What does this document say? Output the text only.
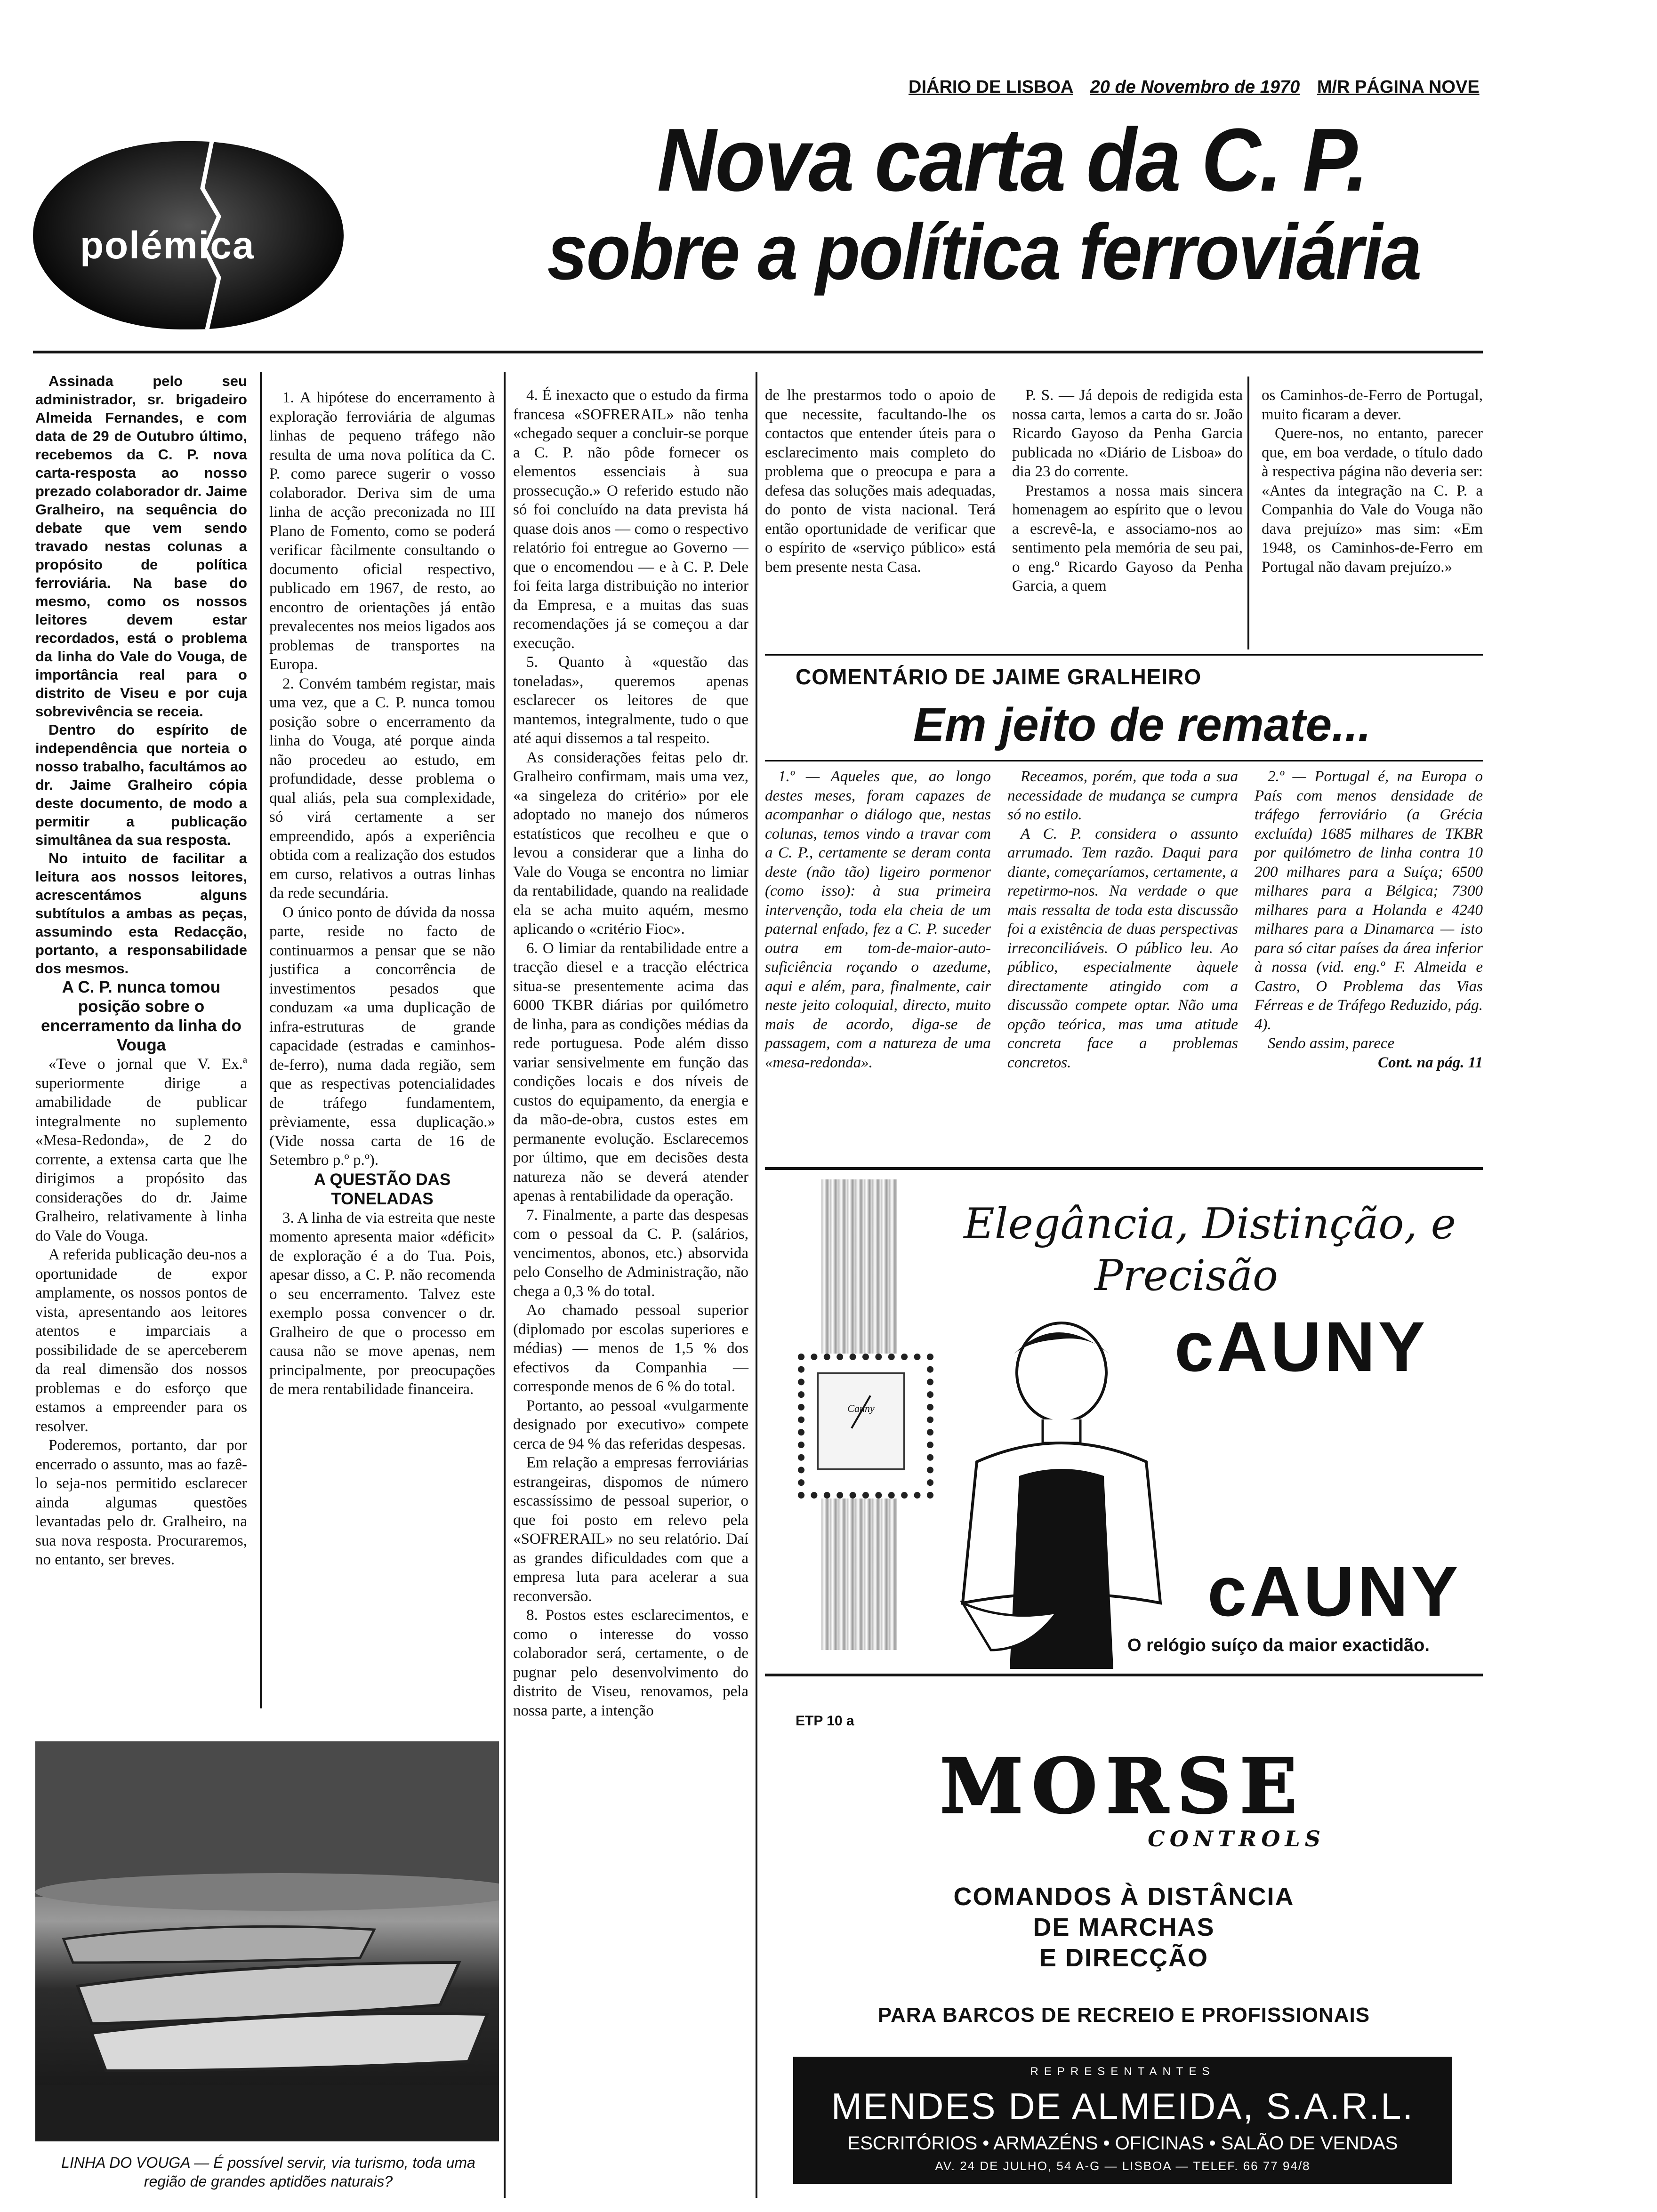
DIÁRIO DE LISBOA 20 de Novembro de 1970 M/R PÁGINA NOVE
polémica
Nova carta da C. P.
sobre a política ferroviária

Assinada pelo seu administrador, sr. brigadeiro Almeida Fernandes, e com data de 29 de Outubro último, recebemos da C. P. nova carta-resposta ao nosso prezado colaborador dr. Jaime Gralheiro, na sequência do debate que vem sendo travado nestas colunas a propósito de política ferroviária. Na base do mesmo, como os nossos leitores devem estar recordados, está o problema da linha do Vale do Vouga, de importância real para o distrito de Viseu e por cuja sobrevivência se receia.

Dentro do espírito de independência que norteia o nosso trabalho, facultámos ao dr. Jaime Gralheiro cópia deste documento, de modo a permitir a publicação simultânea da sua resposta.

No intuito de facilitar a leitura aos nossos leitores, acrescentámos alguns subtítulos a ambas as peças, assumindo esta Redacção, portanto, a responsabilidade dos mesmos.

A C. P. nunca tomou posição sobre o encerramento da linha do Vouga

«Teve o jornal que V. Ex.ª superiormente dirige a amabilidade de publicar integralmente no suplemento «Mesa-Redonda», de 2 do corrente, a extensa carta que lhe dirigimos a propósito das considerações do dr. Jaime Gralheiro, relativamente à linha do Vale do Vouga.

A referida publicação deu-nos a oportunidade de expor amplamente, os nossos pontos de vista, apresentando aos leitores atentos e imparciais a possibilidade de se aperceberem da real dimensão dos nossos problemas e do esforço que estamos a empreender para os resolver.

Poderemos, portanto, dar por encerrado o assunto, mas ao fazê-lo seja-nos permitido esclarecer ainda algumas questões levantadas pelo dr. Gralheiro, na sua nova resposta. Procuraremos, no entanto, ser breves.

1. A hipótese do encerramento à exploração ferroviária de algumas linhas de pequeno tráfego não resulta de uma nova política da C. P. como parece sugerir o vosso colaborador. Deriva sim de uma linha de acção preconizada no III Plano de Fomento, como se poderá verificar fàcilmente consultando o documento oficial respectivo, publicado em 1967, de resto, ao encontro de orientações já então prevalecentes nos meios ligados aos problemas de transportes na Europa.

2. Convém também registar, mais uma vez, que a C. P. nunca tomou posição sobre o encerramento da linha do Vouga, até porque ainda não procedeu ao estudo, em profundidade, desse problema o qual aliás, pela sua complexidade, só virá certamente a ser empreendido, após a experiência obtida com a realização dos estudos em curso, relativos a outras linhas da rede secundária.

O único ponto de dúvida da nossa parte, reside no facto de continuarmos a pensar que se não justifica a concorrência de investimentos pesados que conduzam «a uma duplicação de infra-estruturas de grande capacidade (estradas e caminhos-de-ferro), numa dada região, sem que as respectivas potencialidades de tráfego fundamentem, prèviamente, essa duplicação.» (Vide nossa carta de 16 de Setembro p.º p.º).

A QUESTÃO DAS TONELADAS

3. A linha de via estreita que neste momento apresenta maior «déficit» de exploração é a do Tua. Pois, apesar disso, a C. P. não recomenda o seu encerramento. Talvez este exemplo possa convencer o dr. Gralheiro de que o processo em causa não se move apenas, nem principalmente, por preocupações de mera rentabilidade financeira.

LINHA DO VOUGA — É possível servir, via turismo, toda uma região de grandes aptidões naturais?

4. É inexacto que o estudo da firma francesa «SOFRERAIL» não tenha «chegado sequer a concluir-se porque a C. P. não pôde fornecer os elementos essenciais à sua prossecução.» O referido estudo não só foi concluído na data prevista há quase dois anos — como o respectivo relatório foi entregue ao Governo — que o encomendou — e à C. P. Dele foi feita larga distribuição no interior da Empresa, e a muitas das suas recomendações já se começou a dar execução.

5. Quanto à «questão das toneladas», queremos apenas esclarecer os leitores de que mantemos, integralmente, tudo o que até aqui dissemos a tal respeito.

As considerações feitas pelo dr. Gralheiro confirmam, mais uma vez, «a singeleza do critério» por ele adoptado no manejo dos números estatísticos que recolheu e que o levou a considerar que a linha do Vale do Vouga se encontra no limiar da rentabilidade, quando na realidade ela se acha muito aquém, mesmo aplicando o «critério Fioc».

6. O limiar da rentabilidade entre a tracção diesel e a tracção eléctrica situa-se presentemente acima das 6000 TKBR diárias por quilómetro de linha, para as condições médias da rede portuguesa. Pode além disso variar sensivelmente em função das condições locais e dos níveis de custos do equipamento, da energia e da mão-de-obra, custos estes em permanente evolução. Esclarecemos por último, que em decisões desta natureza não se deverá atender apenas à rentabilidade da operação.

7. Finalmente, a parte das despesas com o pessoal da C. P. (salários, vencimentos, abonos, etc.) absorvida pelo Conselho de Administração, não chega a 0,3 % do total.

Ao chamado pessoal superior (diplomado por escolas superiores e médias) — menos de 1,5 % dos efectivos da Companhia — corresponde menos de 6 % do total.

Portanto, ao pessoal «vulgarmente designado por executivo» compete cerca de 94 % das referidas despesas.

Em relação a empresas ferroviárias estrangeiras, dispomos de número escassíssimo de pessoal superior, o que foi posto em relevo pela «SOFRERAIL» no seu relatório. Daí as grandes dificuldades com que a empresa luta para acelerar a sua reconversão.

8. Postos estes esclarecimentos, e como o interesse do vosso colaborador será, certamente, o de pugnar pelo desenvolvimento do distrito de Viseu, renovamos, pela nossa parte, a intenção

de lhe prestarmos todo o apoio de que necessite, facultando-lhe os contactos que entender úteis para o esclarecimento mais completo do problema que o preocupa e para a defesa das soluções mais adequadas, do ponto de vista nacional. Terá então oportunidade de verificar que o espírito de «serviço público» está bem presente nesta Casa.

P. S. — Já depois de redigida esta nossa carta, lemos a carta do sr. João Ricardo Gayoso da Penha Garcia publicada no «Diário de Lisboa» do dia 23 do corrente.

Prestamos a nossa mais sincera homenagem ao espírito que o levou a escrevê-la, e associamo-nos ao sentimento pela memória de seu pai, o eng.º Ricardo Gayoso da Penha Garcia, a quem

os Caminhos-de-Ferro de Portugal, muito ficaram a dever.

Quere-nos, no entanto, parecer que, em boa verdade, o título dado à respectiva página não deveria ser: «Antes da integração na C. P. a Companhia do Vale do Vouga não dava prejuízo» mas sim: «Em 1948, os Caminhos-de-Ferro em Portugal não davam prejuízo.»

COMENTÁRIO DE JAIME GRALHEIRO
Em jeito de remate...

1.º — Aqueles que, ao longo destes meses, foram capazes de acompanhar o diálogo que, nestas colunas, temos vindo a travar com a C. P., certamente se deram conta deste (não tão) ligeiro pormenor (como isso): à sua primeira intervenção, toda ela cheia de um paternal enfado, fez a C. P. suceder outra em tom-de-maior-auto-suficiência roçando o azedume, aqui e além, para, finalmente, cair neste jeito coloquial, directo, muito mais de acordo, diga-se de passagem, com a natureza de uma «mesa-redonda».

Receamos, porém, que toda a sua necessidade de mudança se cumpra só no estilo.

A C. P. considera o assunto arrumado. Tem razão. Daqui para diante, começaríamos, certamente, a repetirmo-nos. Na verdade o que mais ressalta de toda esta discussão foi a existência de duas perspectivas irreconciliáveis. O público leu. Ao público, especialmente àquele directamente atingido com a discussão compete optar. Não uma opção teórica, mas uma atitude concreta face a problemas concretos.

2.º — Portugal é, na Europa o País com menos densidade de tráfego ferroviário (a Grécia excluída) 1685 milhares de TKBR por quilómetro de linha contra 10 200 milhares para a Suíça; 6500 milhares para a Bélgica; 7300 milhares para a Holanda e 4240 milhares para a Dinamarca — isto para só citar países da área inferior à nossa (vid. eng.º F. Almeida e Castro, O Problema das Vias Férreas e de Tráfego Reduzido, pág. 4).

Sendo assim, parece

Cont. na pág. 11
Cauny
Elegância, Distinção, e
Precisão
cAUNY
cAUNY
O relógio suíço da maior exactidão.
ETP 10 a
MORSE
CONTROLS
COMANDOS À DISTÂNCIA
DE MARCHAS
E DIRECÇÃO
PARA BARCOS DE RECREIO E PROFISSIONAIS
REPRESENTANTES
MENDES DE ALMEIDA, S.A.R.L.
ESCRITÓRIOS • ARMAZÉNS • OFICINAS • SALÃO DE VENDAS
AV. 24 DE JULHO, 54 A-G — LISBOA — TELEF. 66 77 94/8
